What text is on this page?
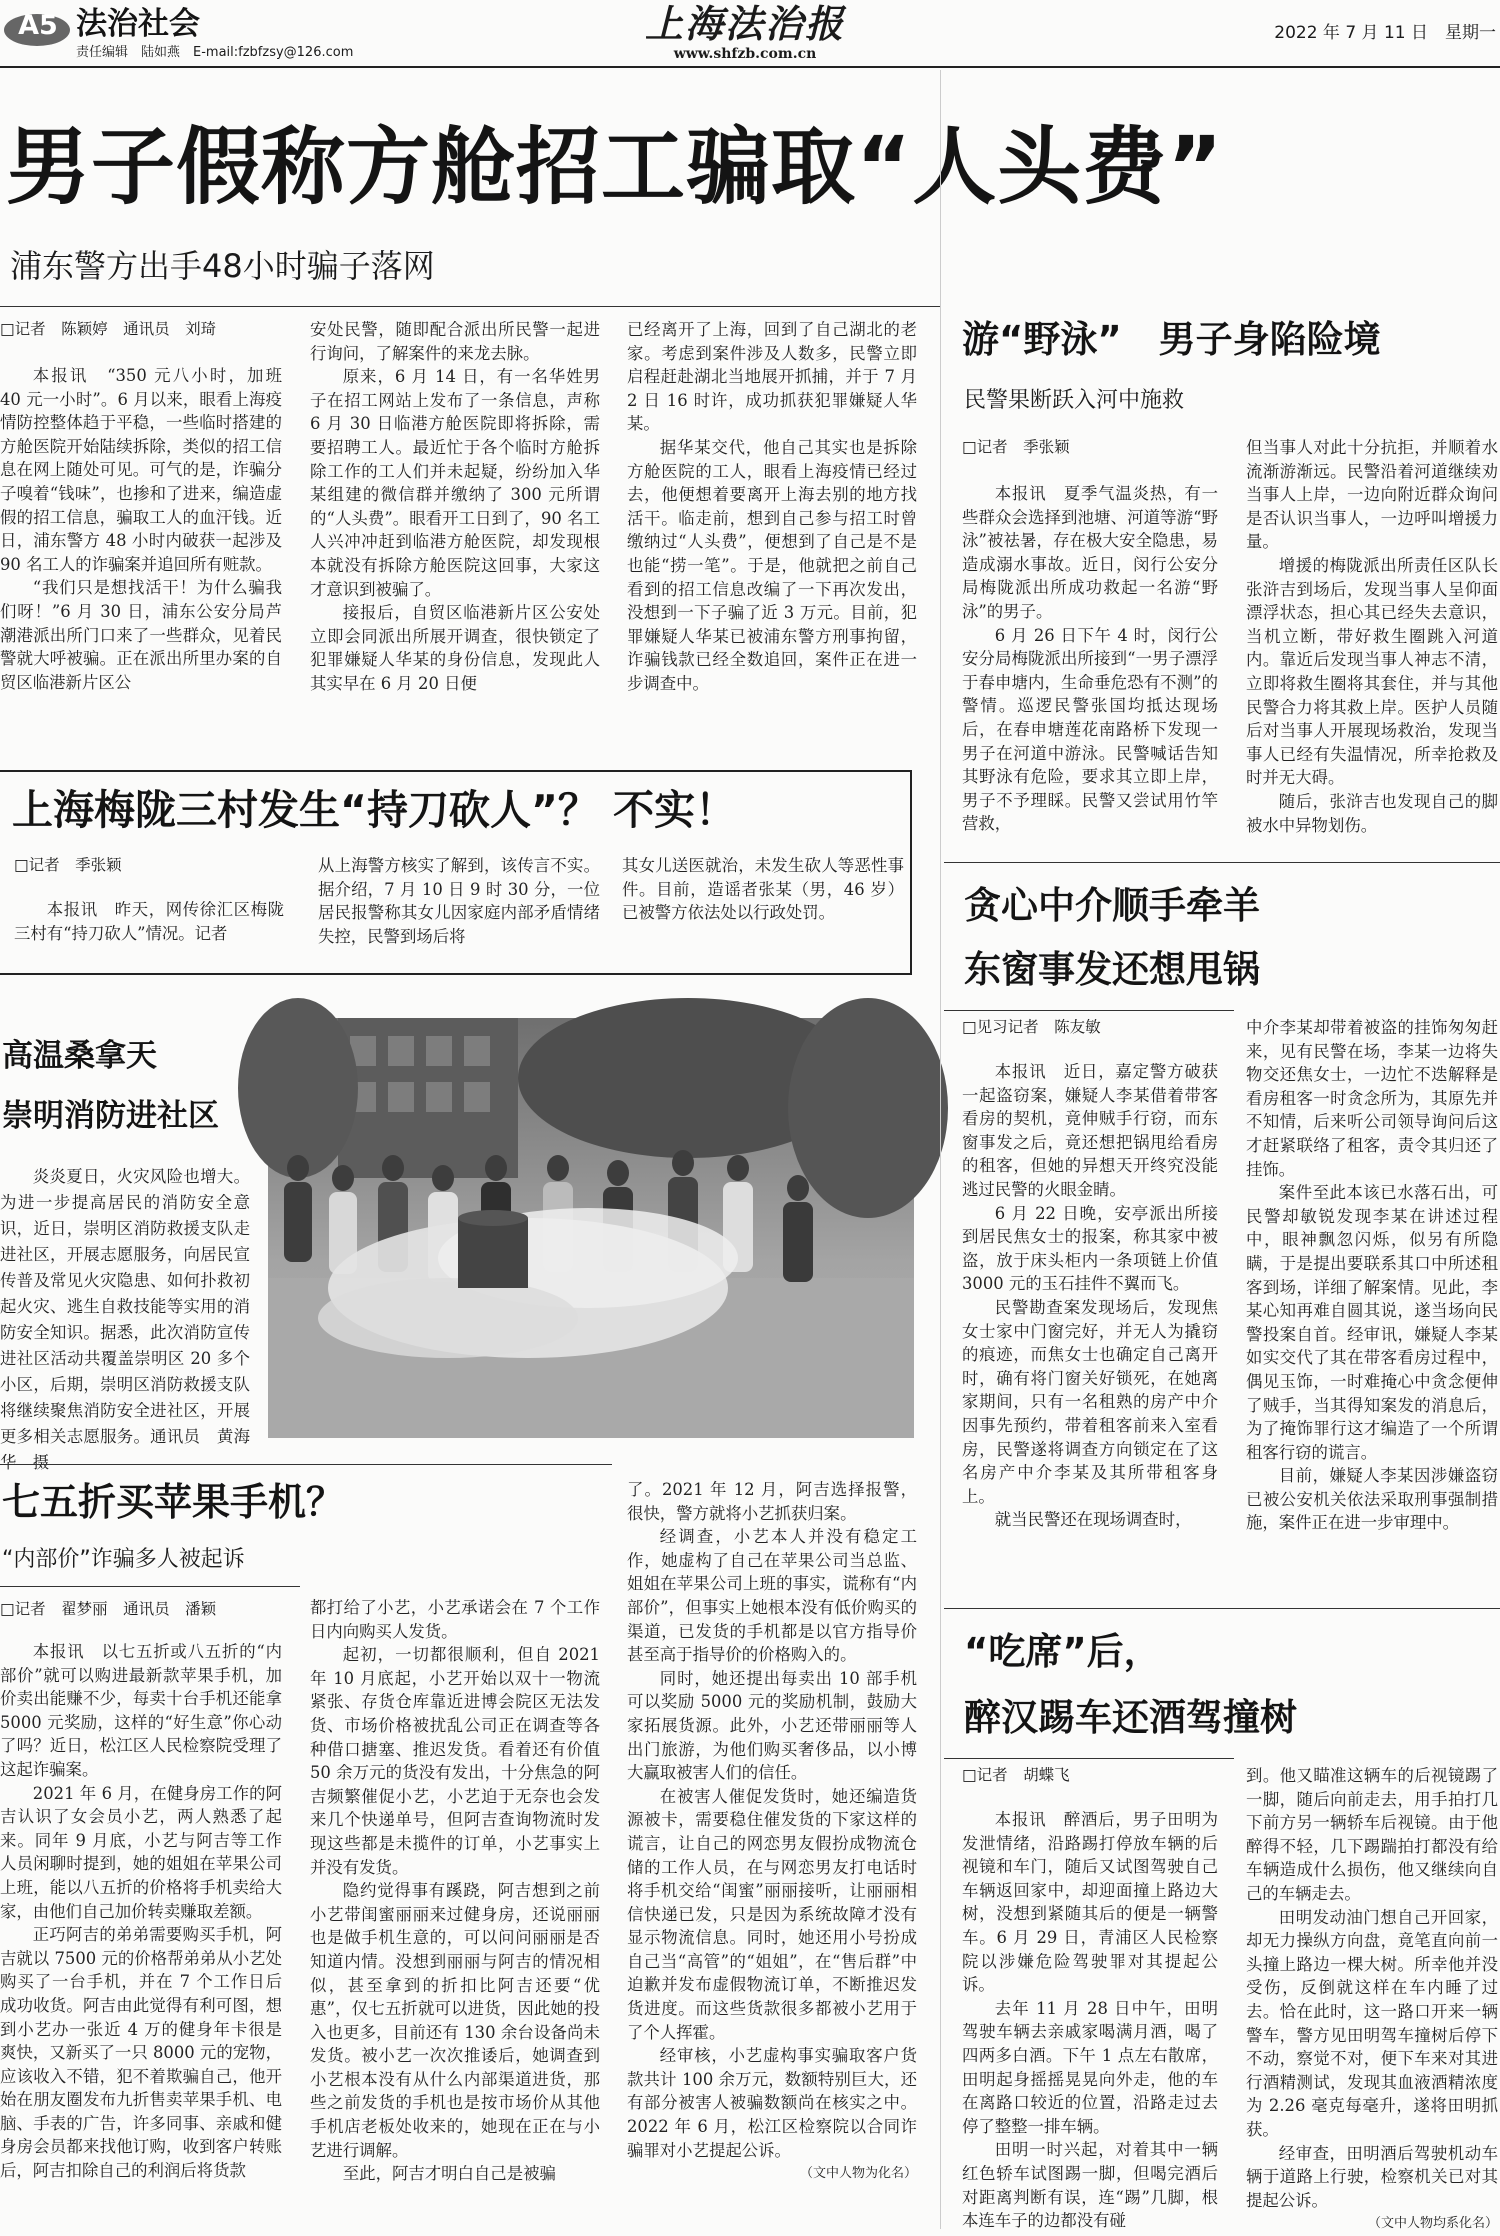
A5 法治社会
责任编辑　陆如燕　E-mail:fzbfzsy@126.com
上海法治报
www.shfzb.com.cn
2022 年 7 月 11 日　星期一
男子假称方舱招工骗取“人头费”
浦东警方出手48小时骗子落网
□记者　陈颖婷　通讯员　刘琦

本报讯　“350 元八小时，加班 40 元一小时”。6 月以来，眼看上海疫情防控整体趋于平稳，一些临时搭建的方舱医院开始陆续拆除，类似的招工信息在网上随处可见。可气的是，诈骗分子嗅着“钱味”，也掺和了进来，编造虚假的招工信息，骗取工人的血汗钱。近日，浦东警方 48 小时内破获一起涉及 90 名工人的诈骗案并追回所有赃款。

“我们只是想找活干！为什么骗我们呀！”6 月 30 日，浦东公安分局芦潮港派出所门口来了一些群众，见着民警就大呼被骗。正在派出所里办案的自贸区临港新片区公

安处民警，随即配合派出所民警一起进行询问，了解案件的来龙去脉。

原来，6 月 14 日，有一名华姓男子在招工网站上发布了一条信息，声称 6 月 30 日临港方舱医院即将拆除，需要招聘工人。最近忙于各个临时方舱拆除工作的工人们并未起疑，纷纷加入华某组建的微信群并缴纳了 300 元所谓的“人头费”。眼看开工日到了，90 名工人兴冲冲赶到临港方舱医院，却发现根本就没有拆除方舱医院这回事，大家这才意识到被骗了。

接报后，自贸区临港新片区公安处立即会同派出所展开调查，很快锁定了犯罪嫌疑人华某的身份信息，发现此人其实早在 6 月 20 日便

已经离开了上海，回到了自己湖北的老家。考虑到案件涉及人数多，民警立即启程赶赴湖北当地展开抓捕，并于 7 月 2 日 16 时许，成功抓获犯罪嫌疑人华某。

据华某交代，他自己其实也是拆除方舱医院的工人，眼看上海疫情已经过去，他便想着要离开上海去别的地方找活干。临走前，想到自己参与招工时曾缴纳过“人头费”，便想到了自己是不是也能“捞一笔”。于是，他就把之前自己看到的招工信息改编了一下再次发出，没想到一下子骗了近 3 万元。目前，犯罪嫌疑人华某已被浦东警方刑事拘留，诈骗钱款已经全数追回，案件正在进一步调查中。

上海梅陇三村发生“持刀砍人”？ 不实！
□记者　季张颖

本报讯　昨天，网传徐汇区梅陇三村有“持刀砍人”情况。记者

从上海警方核实了解到，该传言不实。据介绍，7 月 10 日 9 时 30 分，一位居民报警称其女儿因家庭内部矛盾情绪失控，民警到场后将

其女儿送医就治，未发生砍人等恶性事件。目前，造谣者张某（男，46 岁）已被警方依法处以行政处罚。

高温桑拿天
崇明消防进社区

炎炎夏日，火灾风险也增大。为进一步提高居民的消防安全意识，近日，崇明区消防救援支队走进社区，开展志愿服务，向居民宣传普及常见火灾隐患、如何扑救初起火灾、逃生自救技能等实用的消防安全知识。据悉，此次消防宣传进社区活动共覆盖崇明区 20 多个小区，后期，崇明区消防救援支队将继续聚焦消防安全进社区，开展更多相关志愿服务。通讯员　黄海华　摄

七五折买苹果手机？
“内部价”诈骗多人被起诉
□记者　翟梦丽　通讯员　潘颖

本报讯　以七五折或八五折的“内部价”就可以购进最新款苹果手机，加价卖出能赚不少，每卖十台手机还能拿 5000 元奖励，这样的“好生意”你心动了吗？近日，松江区人民检察院受理了这起诈骗案。

2021 年 6 月，在健身房工作的阿吉认识了女会员小艺，两人熟悉了起来。同年 9 月底，小艺与阿吉等工作人员闲聊时提到，她的姐姐在苹果公司上班，能以八五折的价格将手机卖给大家，由他们自己加价转卖赚取差额。

正巧阿吉的弟弟需要购买手机，阿吉就以 7500 元的价格帮弟弟从小艺处购买了一台手机，并在 7 个工作日后成功收货。阿吉由此觉得有利可图，想到小艺办一张近 4 万的健身年卡很是爽快，又新买了一只 8000 元的宠物，应该收入不错，犯不着欺骗自己，他开始在朋友圈发布九折售卖苹果手机、电脑、手表的广告，许多同事、亲戚和健身房会员都来找他订购，收到客户转账后，阿吉扣除自己的利润后将货款

都打给了小艺，小艺承诺会在 7 个工作日内向购买人发货。

起初，一切都很顺利，但自 2021 年 10 月底起，小艺开始以双十一物流紧张、存货仓库靠近进博会院区无法发货、市场价格被扰乱公司正在调查等各种借口搪塞、推迟发货。看着还有价值 50 余万元的货没有发出，十分焦急的阿吉频繁催促小艺，小艺迫于无奈也会发来几个快递单号，但阿吉查询物流时发现这些都是未揽件的订单，小艺事实上并没有发货。

隐约觉得事有蹊跷，阿吉想到之前小艺带闺蜜丽丽来过健身房，还说丽丽也是做手机生意的，可以问问丽丽是否知道内情。没想到丽丽与阿吉的情况相似，甚至拿到的折扣比阿吉还要“优惠”，仅七五折就可以进货，因此她的投入也更多，目前还有 130 余台设备尚未发货。被小艺一次次推诿后，她调查到小艺根本没有从什么内部渠道进货，那些之前发货的手机也是按市场价从其他手机店老板处收来的，她现在正在与小艺进行调解。

至此，阿吉才明白自己是被骗

了。2021 年 12 月，阿吉选择报警，很快，警方就将小艺抓获归案。

经调查，小艺本人并没有稳定工作，她虚构了自己在苹果公司当总监、姐姐在苹果公司上班的事实，谎称有“内部价”，但事实上她根本没有低价购买的渠道，已发货的手机都是以官方指导价甚至高于指导价的价格购入的。

同时，她还提出每卖出 10 部手机可以奖励 5000 元的奖励机制，鼓励大家拓展货源。此外，小艺还带丽丽等人出门旅游，为他们购买奢侈品，以小博大赢取被害人们的信任。

在被害人催促发货时，她还编造货源被卡，需要稳住催发货的下家这样的谎言，让自己的网恋男友假扮成物流仓储的工作人员，在与网恋男友打电话时将手机交给“闺蜜”丽丽接听，让丽丽相信快递已发，只是因为系统故障才没有显示物流信息。同时，她还用小号扮成自己当“高管”的“姐姐”，在“售后群”中迫歉并发布虚假物流订单，不断推迟发货进度。而这些货款很多都被小艺用于了个人挥霍。

经审核，小艺虚构事实骗取客户货款共计 100 余万元，数额特别巨大，还有部分被害人被骗数额尚在核实之中。2022 年 6 月，松江区检察院以合同诈骗罪对小艺提起公诉。

（文中人物为化名）
游“野泳”　男子身陷险境
民警果断跃入河中施救
□记者　季张颖

本报讯　夏季气温炎热，有一些群众会选择到池塘、河道等游“野泳”被祛暑，存在极大安全隐患，易造成溺水事故。近日，闵行公安分局梅陇派出所成功救起一名游“野泳”的男子。

6 月 26 日下午 4 时，闵行公安分局梅陇派出所接到“一男子漂浮于春申塘内，生命垂危恐有不测”的警情。巡逻民警张国均抵达现场后，在春申塘莲花南路桥下发现一男子在河道中游泳。民警喊话告知其野泳有危险，要求其立即上岸，男子不予理睬。民警又尝试用竹竿营救，

但当事人对此十分抗拒，并顺着水流渐游渐远。民警沿着河道继续劝当事人上岸，一边向附近群众询问是否认识当事人，一边呼叫增援力量。

增援的梅陇派出所责任区队长张浒吉到场后，发现当事人呈仰面漂浮状态，担心其已经失去意识，当机立断，带好救生圈跳入河道内。靠近后发现当事人神志不清，立即将救生圈将其套住，并与其他民警合力将其救上岸。医护人员随后对当事人开展现场救治，发现当事人已经有失温情况，所幸抢救及时并无大碍。

随后，张浒吉也发现自己的脚被水中异物划伤。

贪心中介顺手牵羊
东窗事发还想甩锅
□见习记者　陈友敏

本报讯　近日，嘉定警方破获一起盗窃案，嫌疑人李某借着带客看房的契机，竟伸贼手行窃，而东窗事发之后，竟还想把锅甩给看房的租客，但她的异想天开终究没能逃过民警的火眼金睛。

6 月 22 日晚，安亭派出所接到居民焦女士的报案，称其家中被盗，放于床头柜内一条项链上价值 3000 元的玉石挂件不翼而飞。

民警勘查案发现场后，发现焦女士家中门窗完好，并无人为撬窃的痕迹，而焦女士也确定自己离开时，确有将门窗关好锁死，在她离家期间，只有一名租熟的房产中介因事先预约，带着租客前来入室看房，民警遂将调查方向锁定在了这名房产中介李某及其所带租客身上。

就当民警还在现场调查时，

中介李某却带着被盗的挂饰匆匆赶来，见有民警在场，李某一边将失物交还焦女士，一边忙不迭解释是看房租客一时贪念所为，其原先并不知情，后来听公司领导询问后这才赶紧联络了租客，责令其归还了挂饰。

案件至此本该已水落石出，可民警却敏锐发现李某在讲述过程中，眼神飘忽闪烁，似另有所隐瞒，于是提出要联系其口中所述租客到场，详细了解案情。见此，李某心知再难自圆其说，遂当场向民警投案自首。经审讯，嫌疑人李某如实交代了其在带客看房过程中，偶见玉饰，一时难掩心中贪念便伸了贼手，当其得知案发的消息后，为了掩饰罪行这才编造了一个所谓租客行窃的谎言。

目前，嫌疑人李某因涉嫌盗窃已被公安机关依法采取刑事强制措施，案件正在进一步审理中。

“吃席”后，
醉汉踢车还酒驾撞树
□记者　胡蝶飞

本报讯　醉酒后，男子田明为发泄情绪，沿路踢打停放车辆的后视镜和车门，随后又试图驾驶自己车辆返回家中，却迎面撞上路边大树，没想到紧随其后的便是一辆警车。6 月 29 日，青浦区人民检察院以涉嫌危险驾驶罪对其提起公诉。

去年 11 月 28 日中午，田明驾驶车辆去亲戚家喝满月酒，喝了四两多白酒。下午 1 点左右散席，田明起身摇摇晃晃向外走，他的车在离路口较近的位置，沿路走过去停了整整一排车辆。

田明一时兴起，对着其中一辆红色轿车试图踢一脚，但喝完酒后对距离判断有误，连“踢”几脚，根本连车子的边都没有碰

到。他又瞄准这辆车的后视镜踢了一脚，随后向前走去，用手拍打几下前方另一辆轿车后视镜。由于他醉得不轻，几下踢踹拍打都没有给车辆造成什么损伤，他又继续向自己的车辆走去。

田明发动油门想自己开回家，却无力操纵方向盘，竟笔直向前一头撞上路边一棵大树。所幸他并没受伤，反倒就这样在车内睡了过去。恰在此时，这一路口开来一辆警车，警方见田明驾车撞树后停下不动，察觉不对，便下车来对其进行酒精测试，发现其血液酒精浓度为 2.26 毫克每毫升，遂将田明抓获。

经审查，田明酒后驾驶机动车辆于道路上行驶，检察机关已对其提起公诉。

（文中人物均系化名）
